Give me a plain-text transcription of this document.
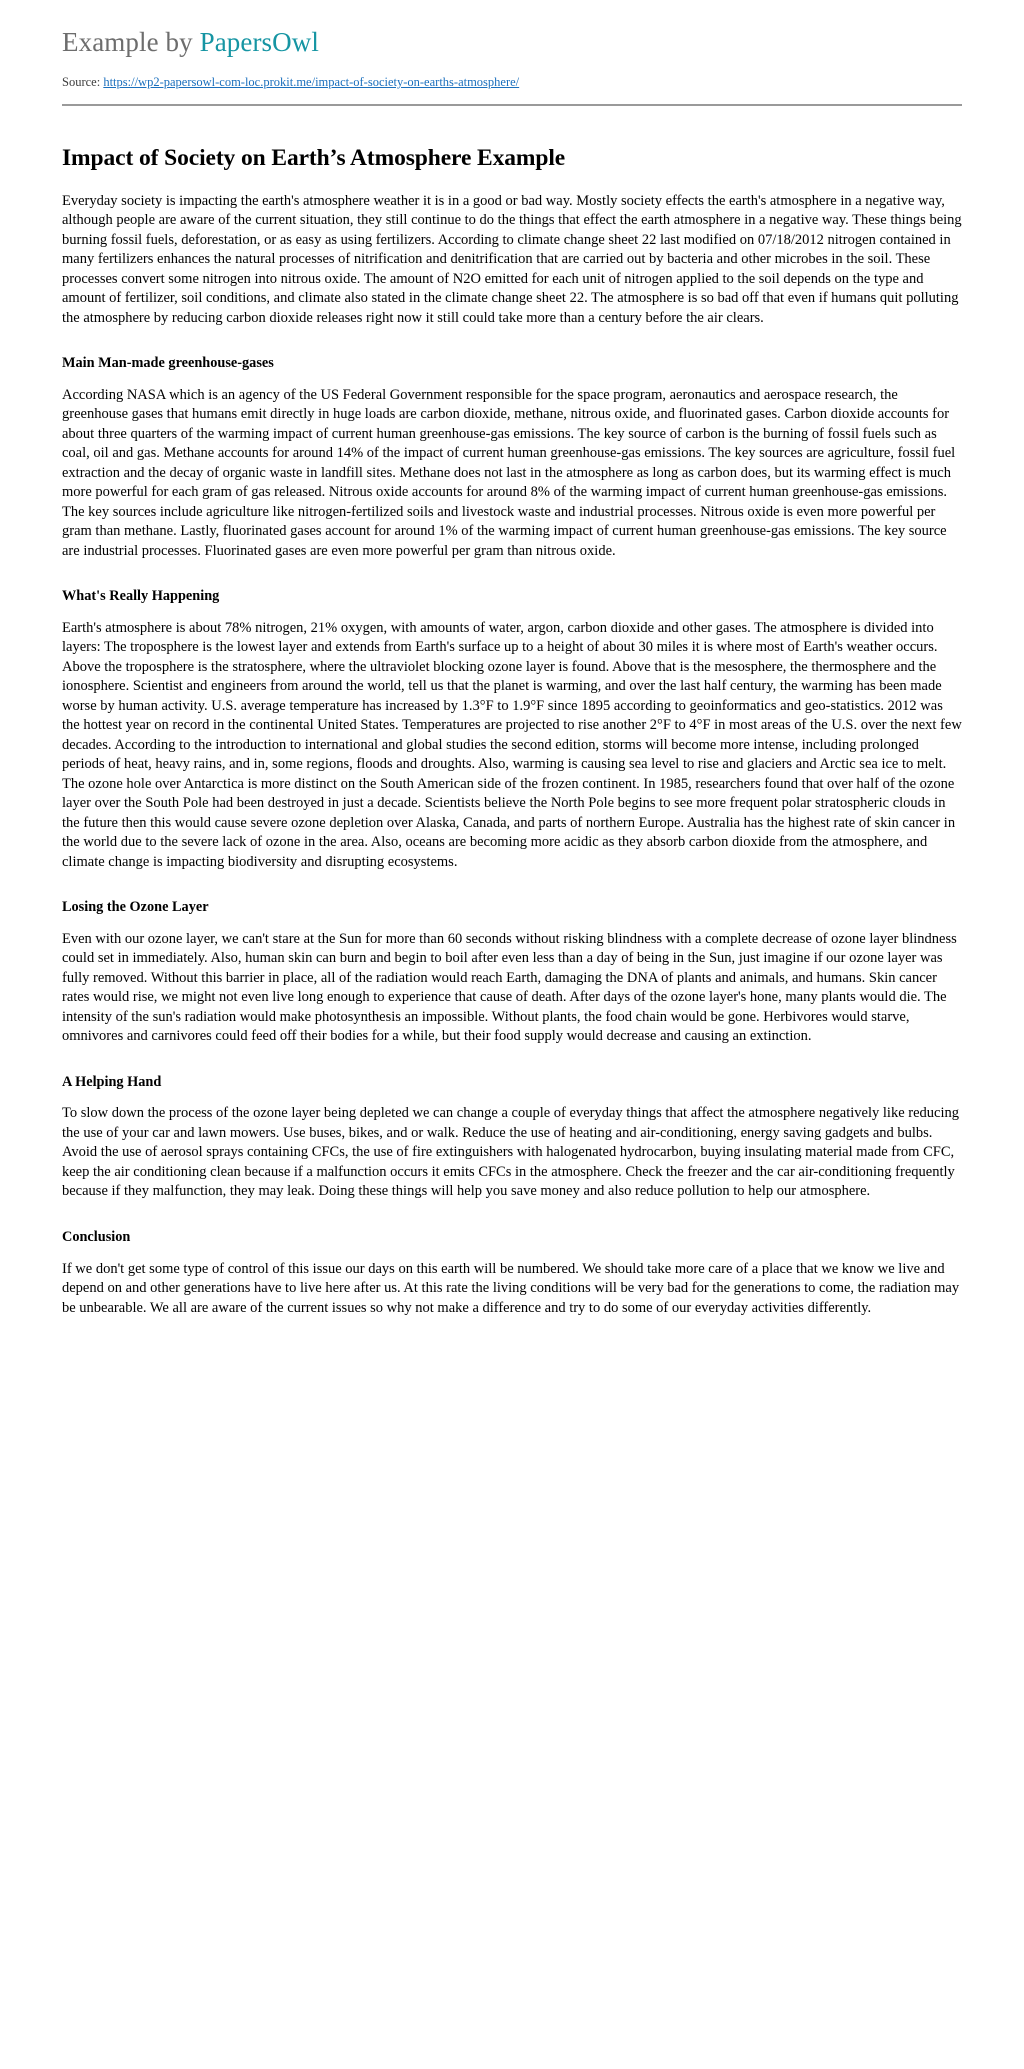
Example by PapersOwl
Source: https://wp2-papersowl-com-loc.prokit.me/impact-of-society-on-earths-atmosphere/
Impact of Society on Earth’s Atmosphere Example

Everyday society is impacting the earth's atmosphere weather it is in a good or bad way. Mostly society effects the earth's atmosphere in a negative way, although people are aware of the current situation, they still continue to do the things that effect the earth atmosphere in a negative way. These things being burning fossil fuels, deforestation, or as easy as using fertilizers. According to climate change sheet 22 last modified on 07/18/2012 nitrogen contained in many fertilizers enhances the natural processes of nitrification and denitrification that are carried out by bacteria and other microbes in the soil. These processes convert some nitrogen into nitrous oxide. The amount of N2O emitted for each unit of nitrogen applied to the soil depends on the type and amount of fertilizer, soil conditions, and climate also stated in the climate change sheet 22. The atmosphere is so bad off that even if humans quit polluting the atmosphere by reducing carbon dioxide releases right now it still could take more than a century before the air clears.

Main Man-made greenhouse-gases

According NASA which is an agency of the US Federal Government responsible for the space program, aeronautics and aerospace research, the greenhouse gases that humans emit directly in huge loads are carbon dioxide, methane, nitrous oxide, and fluorinated gases. Carbon dioxide accounts for about three quarters of the warming impact of current human greenhouse-gas emissions. The key source of carbon is the burning of fossil fuels such as coal, oil and gas. Methane accounts for around 14% of the impact of current human greenhouse-gas emissions. The key sources are agriculture, fossil fuel extraction and the decay of organic waste in landfill sites. Methane does not last in the atmosphere as long as carbon does, but its warming effect is much more powerful for each gram of gas released. Nitrous oxide accounts for around 8% of the warming impact of current human greenhouse-gas emissions. The key sources include agriculture like nitrogen-fertilized soils and livestock waste and industrial processes. Nitrous oxide is even more powerful per gram than methane. Lastly, fluorinated gases account for around 1% of the warming impact of current human greenhouse-gas emissions. The key source are industrial processes. Fluorinated gases are even more powerful per gram than nitrous oxide.

What's Really Happening

Earth's atmosphere is about 78% nitrogen, 21% oxygen, with amounts of water, argon, carbon dioxide and other gases. The atmosphere is divided into layers: The troposphere is the lowest layer and extends from Earth's surface up to a height of about 30 miles it is where most of Earth's weather occurs. Above the troposphere is the stratosphere, where the ultraviolet blocking ozone layer is found. Above that is the mesosphere, the thermosphere and the ionosphere. Scientist and engineers from around the world, tell us that the planet is warming, and over the last half century, the warming has been made worse by human activity. U.S. average temperature has increased by 1.3°F to 1.9°F since 1895 according to geoinformatics and geo-statistics. 2012 was the hottest year on record in the continental United States. Temperatures are projected to rise another 2°F to 4°F in most areas of the U.S. over the next few decades. According to the introduction to international and global studies the second edition, storms will become more intense, including prolonged periods of heat, heavy rains, and in, some regions, floods and droughts. Also, warming is causing sea level to rise and glaciers and Arctic sea ice to melt. The ozone hole over Antarctica is more distinct on the South American side of the frozen continent. In 1985, researchers found that over half of the ozone layer over the South Pole had been destroyed in just a decade. Scientists believe the North Pole begins to see more frequent polar stratospheric clouds in the future then this would cause severe ozone depletion over Alaska, Canada, and parts of northern Europe. Australia has the highest rate of skin cancer in the world due to the severe lack of ozone in the area. Also, oceans are becoming more acidic as they absorb carbon dioxide from the atmosphere, and climate change is impacting biodiversity and disrupting ecosystems.

Losing the Ozone Layer

Even with our ozone layer, we can't stare at the Sun for more than 60 seconds without risking blindness with a complete decrease of ozone layer blindness could set in immediately. Also, human skin can burn and begin to boil after even less than a day of being in the Sun, just imagine if our ozone layer was fully removed. Without this barrier in place, all of the radiation would reach Earth, damaging the DNA of plants and animals, and humans. Skin cancer rates would rise, we might not even live long enough to experience that cause of death. After days of the ozone layer's hone, many plants would die. The intensity of the sun's radiation would make photosynthesis an impossible. Without plants, the food chain would be gone. Herbivores would starve, omnivores and carnivores could feed off their bodies for a while, but their food supply would decrease and causing an extinction.

A Helping Hand

To slow down the process of the ozone layer being depleted we can change a couple of everyday things that affect the atmosphere negatively like reducing the use of your car and lawn mowers. Use buses, bikes, and or walk. Reduce the use of heating and air-conditioning, energy saving gadgets and bulbs. Avoid the use of aerosol sprays containing CFCs, the use of fire extinguishers with halogenated hydrocarbon, buying insulating material made from CFC, keep the air conditioning clean because if a malfunction occurs it emits CFCs in the atmosphere. Check the freezer and the car air-conditioning frequently because if they malfunction, they may leak. Doing these things will help you save money and also reduce pollution to help our atmosphere.

Conclusion

If we don't get some type of control of this issue our days on this earth will be numbered. We should take more care of a place that we know we live and depend on and other generations have to live here after us. At this rate the living conditions will be very bad for the generations to come, the radiation may be unbearable. We all are aware of the current issues so why not make a difference and try to do some of our everyday activities differently.
